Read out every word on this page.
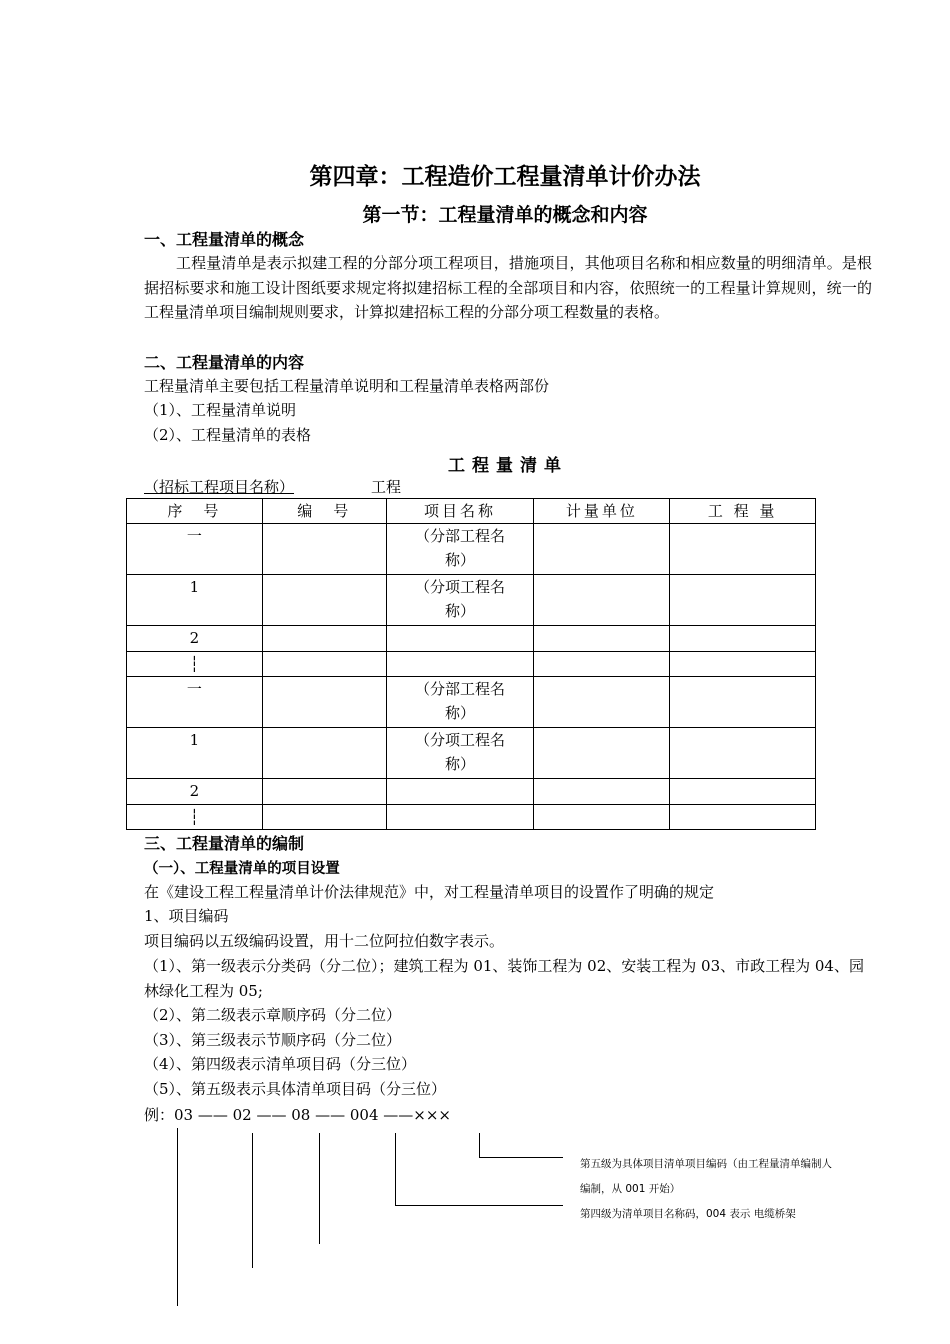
第四章：工程造价工程量清单计价办法
第一节：工程量清单的概念和内容
一、工程量清单的概念
工程量清单是表示拟建工程的分部分项工程项目，措施项目，其他项目名称和相应数量的明细清单。是根据招标要求和施工设计图纸要求规定将拟建招标工程的全部项目和内容，依照统一的工程量计算规则，统一的工程量清单项目编制规则要求，计算拟建招标工程的分部分项工程数量的表格。
二、工程量清单的内容
工程量清单主要包括工程量清单说明和工程量清单表格两部份
（1）、工程量清单说明
（2）、工程量清单的表格
工程量清单
（招标工程项目名称）	工程
序　号	编　号	项目名称	计量单位	工 程 量
一		（分部工程名称）		
1		（分项工程名称）		
2				
┆				
一		（分部工程名称）		
1		（分项工程名称）		
2				
┆				
三、工程量清单的编制
（一）、工程量清单的项目设置
在《建设工程工程量清单计价法律规范》中，对工程量清单项目的设置作了明确的规定
1、项目编码
项目编码以五级编码设置，用十二位阿拉伯数字表示。
（1）、第一级表示分类码（分二位）；建筑工程为 01、装饰工程为 02、安装工程为 03、市政工程为 04、园林绿化工程为 05;
（2）、第二级表示章顺序码（分二位）
（3）、第三级表示节顺序码（分二位）
（4）、第四级表示清单项目码（分三位）
（5）、第五级表示具体清单项目码（分三位）
例：03 —— 02 —— 08 —— 004 ——×××
第五级为具体项目清单项目编码（由工程量清单编制人
编制，从 001 开始）
第四级为清单项目名称码，004 表示 电缆桥架
